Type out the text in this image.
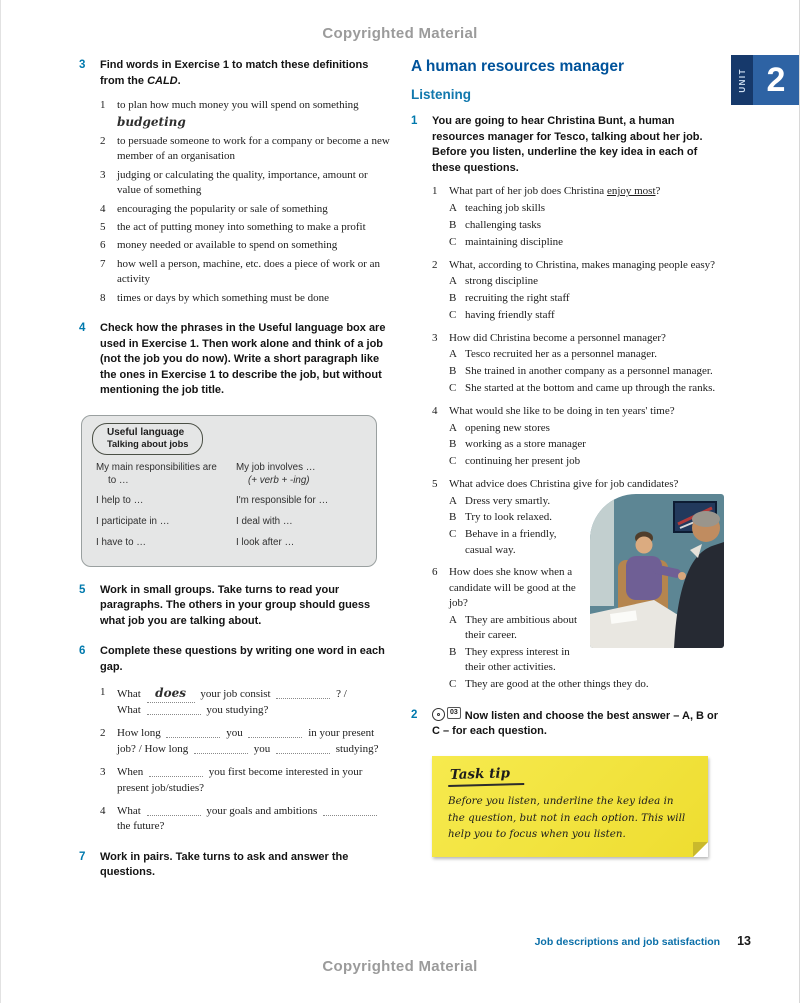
Copyrighted Material
UNIT 2
3 Find words in Exercise 1 to match these definitions from the CALD.

1 to plan how much money you will spend on something budgeting
2 to persuade someone to work for a company or become a new member of an organisation
3 judging or calculating the quality, importance, amount or value of something
4 encouraging the popularity or sale of something
5 the act of putting money into something to make a profit
6 money needed or available to spend on something
7 how well a person, machine, etc. does a piece of work or an activity
8 times or days by which something must be done
4 Check how the phrases in the Useful language box are used in Exercise 1. Then work alone and think of a job (not the job you do now). Write a short paragraph like the ones in Exercise 1 to describe the job, but without mentioning the job title.

Useful language
Talking about jobs
My main responsibilities are
to …
I help to …
I participate in …
I have to …
My job involves …
(+ verb + -ing)
I'm responsible for …
I deal with …
I look after …
5 Work in small groups. Take turns to read your paragraphs. The others in your group should guess what job you are talking about.

6 Complete these questions by writing one word in each gap.

1 What does your job consist	? /
What	you studying?
2 How long	you	in your present job? / How long	you	studying?
3 When	you first become interested in your present job/studies?
4 What	your goals and ambitions  the future?
7 Work in pairs. Take turns to ask and answer the questions.

A human resources manager
Listening
1 You are going to hear Christina Bunt, a human resources manager for Tesco, talking about her job. Before you listen, underline the key idea in each of these questions.

1 What part of her job does Christina enjoy most?
A teaching job skills
B challenging tasks
C maintaining discipline
2 What, according to Christina, makes managing people easy?
A strong discipline
B recruiting the right staff
C having friendly staff
3 How did Christina become a personnel manager?
A Tesco recruited her as a personnel manager.
B She trained in another company as a personnel manager.
C She started at the bottom and came up through the ranks.
4 What would she like to be doing in ten years' time?
A opening new stores
B working as a store manager
C continuing her present job
5 What advice does Christina give for job candidates?
A Dress very smartly.
B Try to look relaxed.
C Behave in a friendly, casual way.
6 How does she know when a candidate will be good at the job?
A They are ambitious about their career.
B They express interest in their other activities.
C They are good at the other things they do.
2	03 Now listen and choose the best answer – A, B or C – for each question.

Task tip

Before you listen, underline the key idea in the question, but not in each option. This will help you to focus when you listen.

Job descriptions and job satisfaction 13
Copyrighted Material
